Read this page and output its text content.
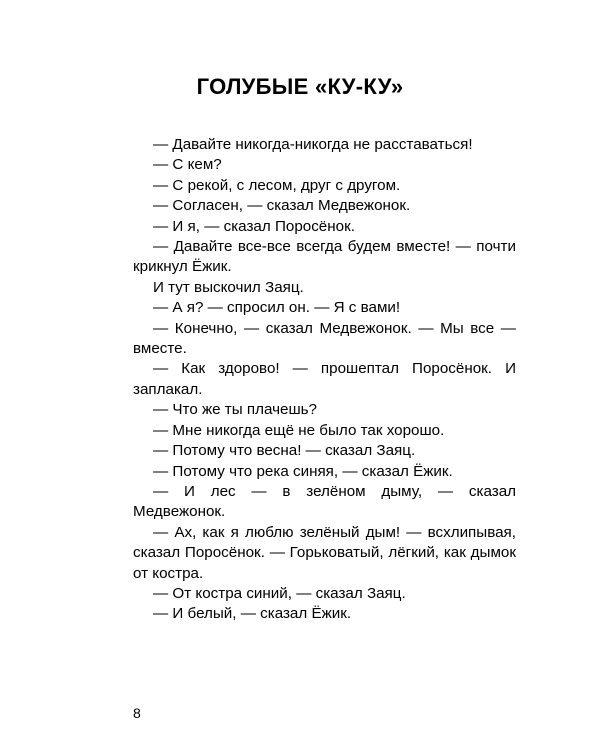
ГОЛУБЫЕ «КУ-КУ»

— Давайте никогда-никогда не расставаться!

— С кем?

— С рекой, с лесом, друг с другом.

— Согласен, — сказал Медвежонок.

— И я, — сказал Поросёнок.

— Давайте все-все всегда будем вместе! — почти крикнул Ёжик.

И тут выскочил Заяц.

— А я? — спросил он. — Я с вами!

— Конечно, — сказал Медвежонок. — Мы все — вместе.

— Как здорово! — прошептал Поросёнок. И заплакал.

— Что же ты плачешь?

— Мне никогда ещё не было так хорошо.

— Потому что весна! — сказал Заяц.

— Потому что река синяя, — сказал Ёжик.

— И лес — в зелёном дыму, — сказал Медвежонок.

— Ах, как я люблю зелёный дым! — всхлипывая, сказал Поросёнок. — Горьковатый, лёгкий, как дымок от костра.

— От костра синий, — сказал Заяц.

— И белый, — сказал Ёжик.

8
